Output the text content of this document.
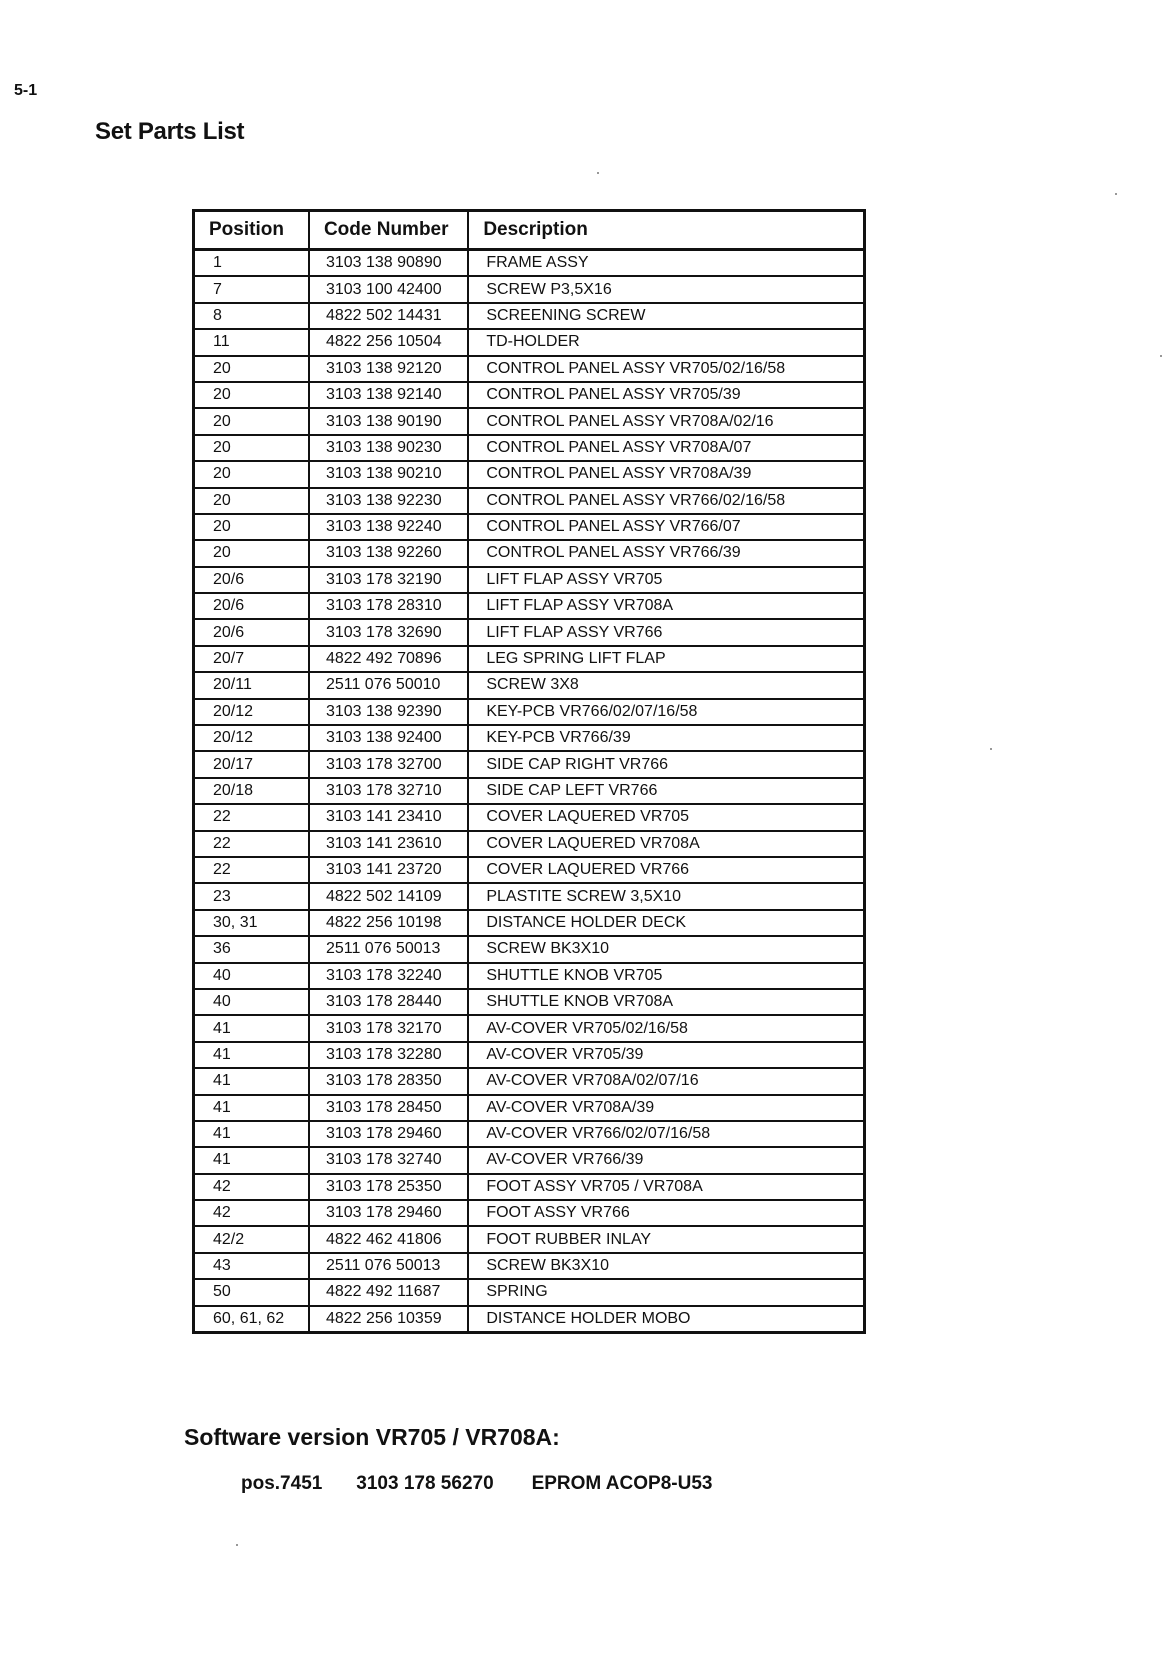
5-1
Set Parts List
Position	Code Number	Description
1	3103 138 90890	FRAME ASSY
7	3103 100 42400	SCREW P3,5X16
8	4822 502 14431	SCREENING SCREW
11	4822 256 10504	TD-HOLDER
20	3103 138 92120	CONTROL PANEL ASSY VR705/02/16/58
20	3103 138 92140	CONTROL PANEL ASSY VR705/39
20	3103 138 90190	CONTROL PANEL ASSY VR708A/02/16
20	3103 138 90230	CONTROL PANEL ASSY VR708A/07
20	3103 138 90210	CONTROL PANEL ASSY VR708A/39
20	3103 138 92230	CONTROL PANEL ASSY VR766/02/16/58
20	3103 138 92240	CONTROL PANEL ASSY VR766/07
20	3103 138 92260	CONTROL PANEL ASSY VR766/39
20/6	3103 178 32190	LIFT FLAP ASSY VR705
20/6	3103 178 28310	LIFT FLAP ASSY VR708A
20/6	3103 178 32690	LIFT FLAP ASSY VR766
20/7	4822 492 70896	LEG SPRING LIFT FLAP
20/11	2511 076 50010	SCREW 3X8
20/12	3103 138 92390	KEY-PCB VR766/02/07/16/58
20/12	3103 138 92400	KEY-PCB VR766/39
20/17	3103 178 32700	SIDE CAP RIGHT VR766
20/18	3103 178 32710	SIDE CAP LEFT VR766
22	3103 141 23410	COVER LAQUERED VR705
22	3103 141 23610	COVER LAQUERED VR708A
22	3103 141 23720	COVER LAQUERED VR766
23	4822 502 14109	PLASTITE SCREW 3,5X10
30, 31	4822 256 10198	DISTANCE HOLDER DECK
36	2511 076 50013	SCREW BK3X10
40	3103 178 32240	SHUTTLE KNOB VR705
40	3103 178 28440	SHUTTLE KNOB VR708A
41	3103 178 32170	AV-COVER VR705/02/16/58
41	3103 178 32280	AV-COVER VR705/39
41	3103 178 28350	AV-COVER VR708A/02/07/16
41	3103 178 28450	AV-COVER VR708A/39
41	3103 178 29460	AV-COVER VR766/02/07/16/58
41	3103 178 32740	AV-COVER VR766/39
42	3103 178 25350	FOOT ASSY VR705 / VR708A
42	3103 178 29460	FOOT ASSY VR766
42/2	4822 462 41806	FOOT RUBBER INLAY
43	2511 076 50013	SCREW BK3X10
50	4822 492 11687	SPRING
60, 61, 62	4822 256 10359	DISTANCE HOLDER MOBO
Software version VR705 / VR708A:
pos.7451 3103 178 56270 EPROM ACOP8-U53
